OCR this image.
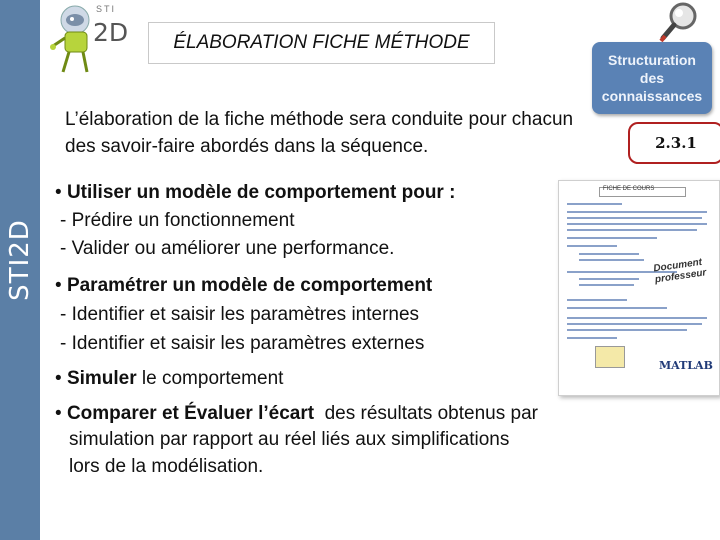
STI2D
STI
2D ÉLABORATION FICHE MÉTHODE
Structuration
des
connaissances
2.3.1
L’élaboration de la fiche méthode sera conduite pour chacun des savoir-faire abordés dans la séquence.
• Utiliser un modèle de comportement pour :
- Prédire un fonctionnement
- Valider ou améliorer une performance.
• Paramétrer un modèle de comportement
- Identifier et saisir les paramètres internes
- Identifier et saisir les paramètres externes
• Simuler le comportement
• Comparer et Évaluer l’écart  des résultats obtenus par
simulation par rapport au réel liés aux simplifications
lors de la modélisation.
FICHE DE COURS
Document professeur
MATLAB
